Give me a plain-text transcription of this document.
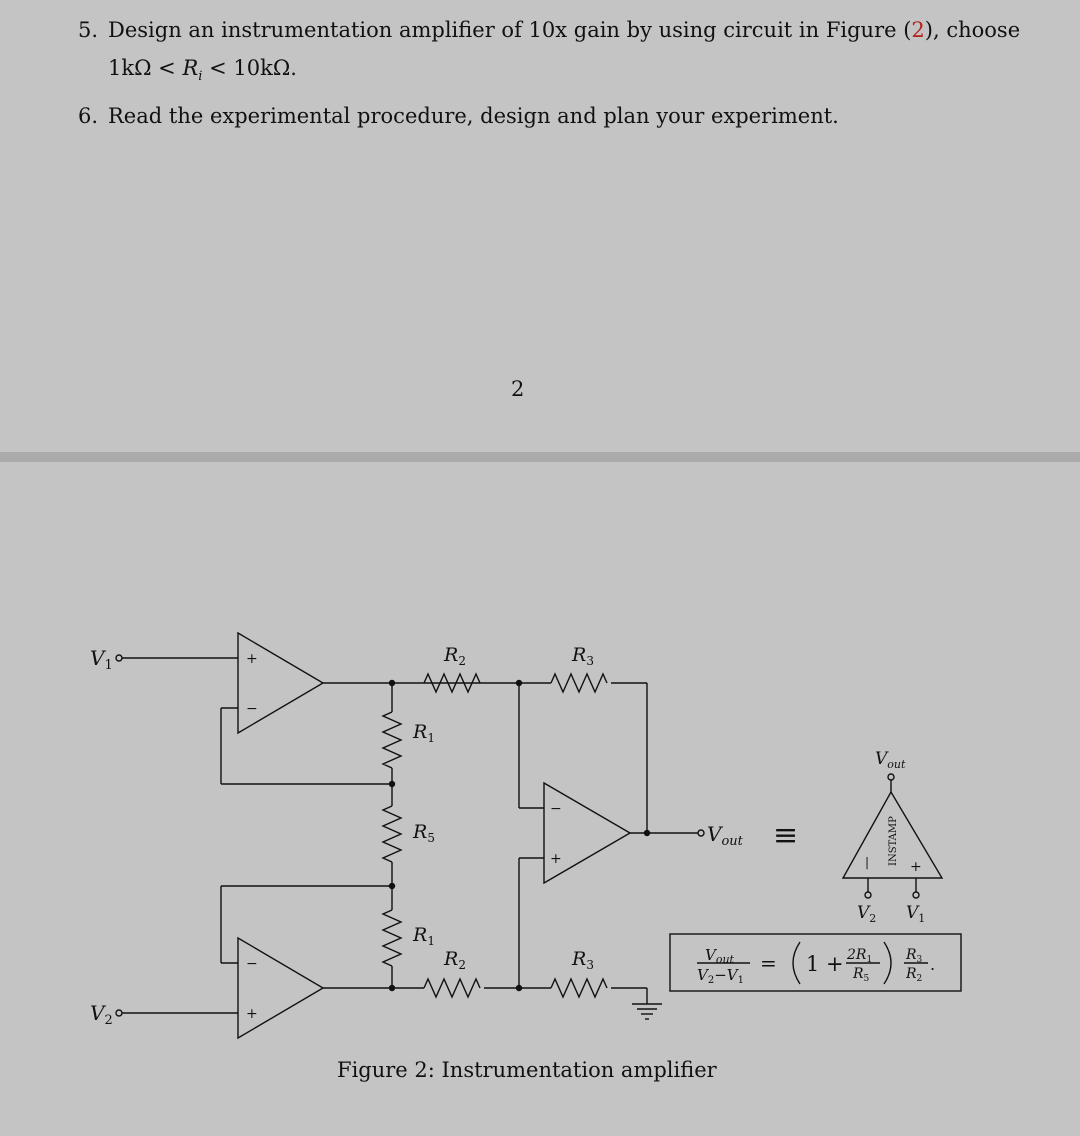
5. Design an instrumentation amplifier of 10x gain by using circuit in Figure (2), choose
$1k\Omega < R_i < 10k\Omega$.
6. Read the experimental procedure, design and plan your experiment.
2
$V_1$
$V_2$
+
−
−
+
−
+
$R_2$	$R_3$
$R_1$
$R_5$
$R_1$
$R_2$	$R_3$
$V_{out}$ ≡
$V_{out}$
INSTAMP
|	+
$V_2$ $V_1$
$V_{out}$
$V_2-V_1$
= $1 + 2R_1$
$R_5$
$R_3$
$R_2$
.
Figure 2: Instrumentation amplifier
